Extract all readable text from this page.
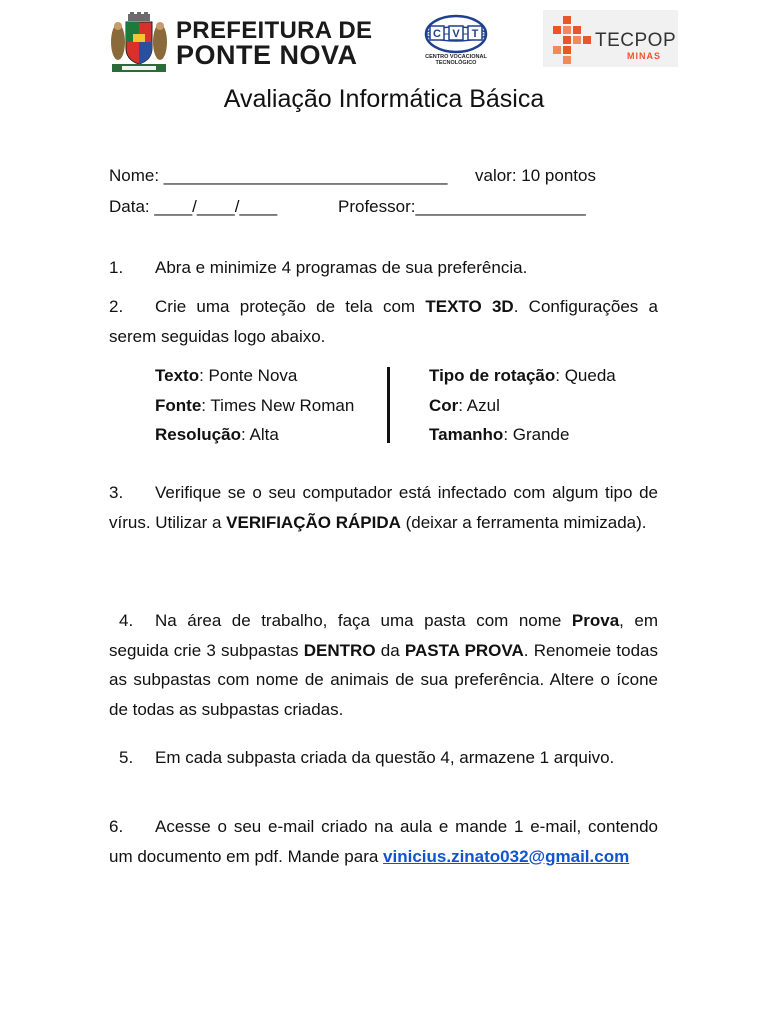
PREFEITURA DE
PONTE NOVA
C V T
CENTRO VOCACIONAL
TECNOLÓGICO
TECPOP
MINAS
Avaliação Informática Básica
Nome: ______________________________ valor: 10 pontos
Data: ____/____/____	Professor:__________________
1. Abra e minimize 4 programas de sua preferência.
2. Crie uma proteção de tela com TEXTO 3D. Configurações a serem seguidas logo abaixo.
Texto: Ponte Nova
Fonte: Times New Roman
Resolução: Alta
Tipo de rotação: Queda
Cor: Azul
Tamanho: Grande
3. Verifique se o seu computador está infectado com algum tipo de vírus. Utilizar a VERIFIAÇÃO RÁPIDA (deixar a ferramenta mimizada).
4. Na área de trabalho, faça uma pasta com nome Prova, em seguida crie 3 subpastas DENTRO da PASTA PROVA. Renomeie todas as subpastas com nome de animais de sua preferência. Altere o ícone de todas as subpastas criadas.
5. Em cada subpasta criada da questão 4, armazene 1 arquivo.
6. Acesse o seu e-mail criado na aula e mande 1 e-mail, contendo um documento em pdf. Mande para vinicius.zinato032@gmail.com
